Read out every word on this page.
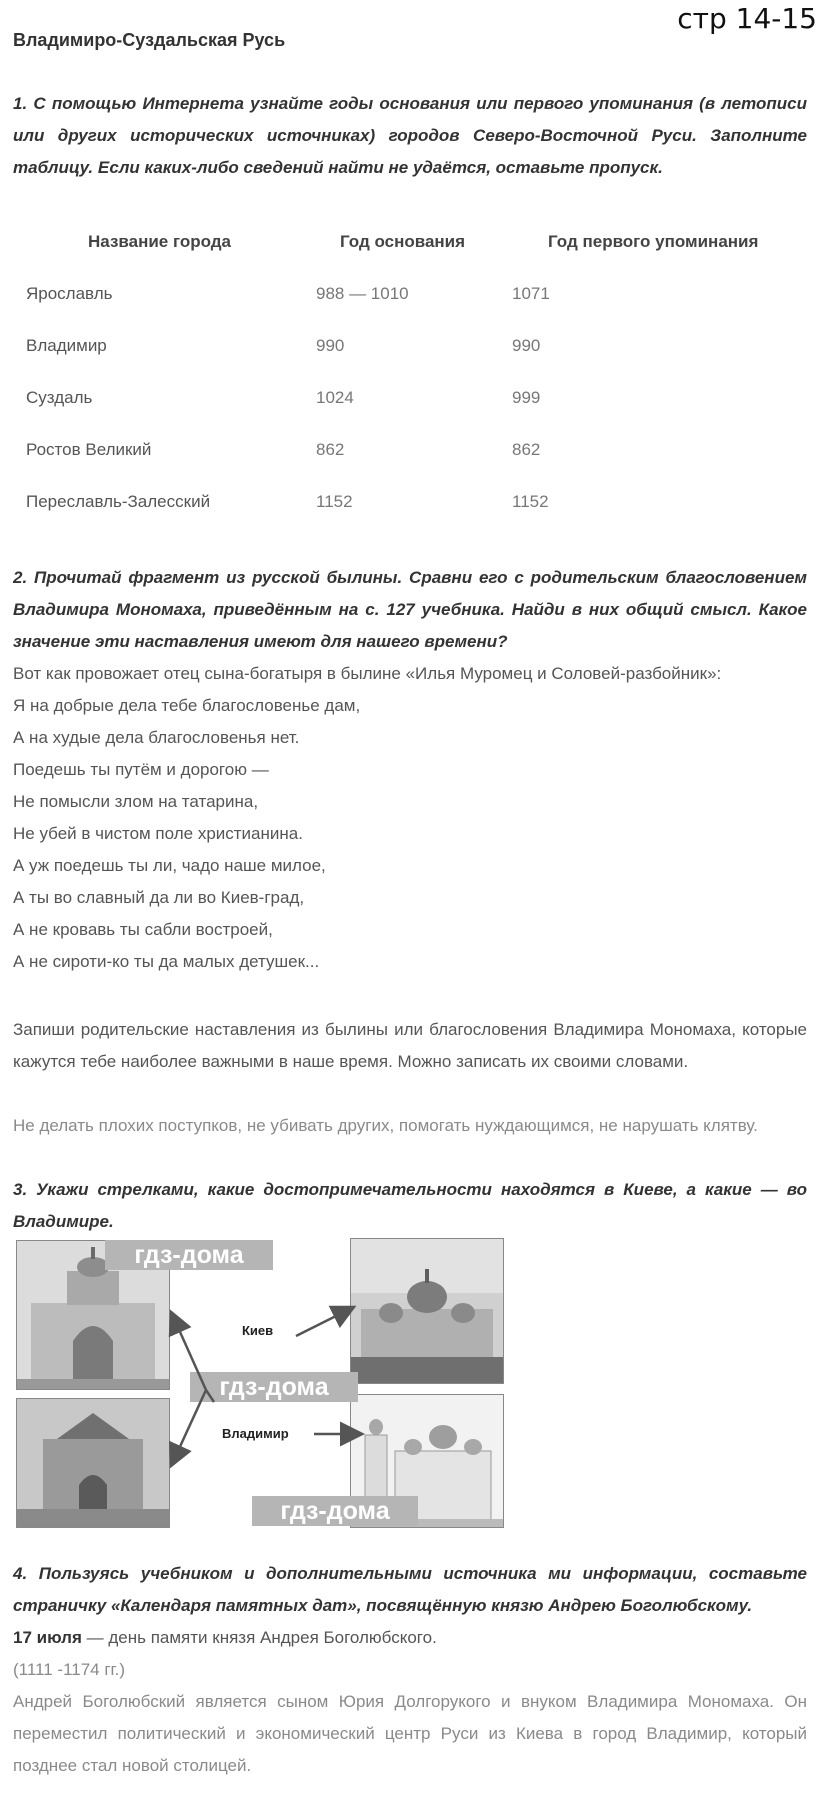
стр 14-15
Владимиро-Суздальская Русь
1. С помощью Интернета узнайте годы основания или первого упоминания (в летописи или других исторических источниках) городов Северо-Восточной Руси. Заполните таблицу. Если каких-либо сведений найти не удаётся, оставьте пропуск.
Название города	Год основания	Год первого упоминания
Ярославль	988 — 1010	1071
Владимир	990	990
Суздаль	1024	999
Ростов Великий	862	862
Переславль-Залесский	1152	1152
2. Прочитай фрагмент из русской былины. Сравни его с родительским благословением Владимира Мономаха, приведённым на с. 127 учебника. Найди в них общий смысл. Какое значение эти наставления имеют для нашего времени?
Вот как провожает отец сына-богатыря в былине «Илья Муромец и Соловей-разбойник»:
Я на добрые дела тебе благословенье дам,
А на худые дела благословенья нет.
Поедешь ты путём и дорогою —
Не помысли злом на татарина,
Не убей в чистом поле христианина.
А уж поедешь ты ли, чадо наше милое,
А ты во славный да ли во Киев-град,
А не кровавь ты сабли востроей,
А не сироти-ко ты да малых детушек...
Запиши родительские наставления из былины или благословения Владимира Мономаха, которые кажутся тебе наиболее важными в наше время. Можно записать их своими словами.
Не делать плохих поступков, не убивать других, помогать нуждающимся, не нарушать клятву.
3. Укажи стрелками, какие достопримечательности находятся в Киеве, а какие — во Владимире.
гдз-дома
гдз-дома
гдз-дома
Киев
Владимир
4. Пользуясь учебником и дополнительными источника ми информации, составьте страничку «Календаря памятных дат», посвящённую князю Андрею Боголюбскому.
17 июля — день памяти князя Андрея Боголюбского.
(1111 -1174 гг.)
Андрей Боголюбский является сыном Юрия Долгорукого и внуком Владимира Мономаха. Он переместил политический и экономический центр Руси из Киева в город Владимир, который позднее стал новой столицей.
